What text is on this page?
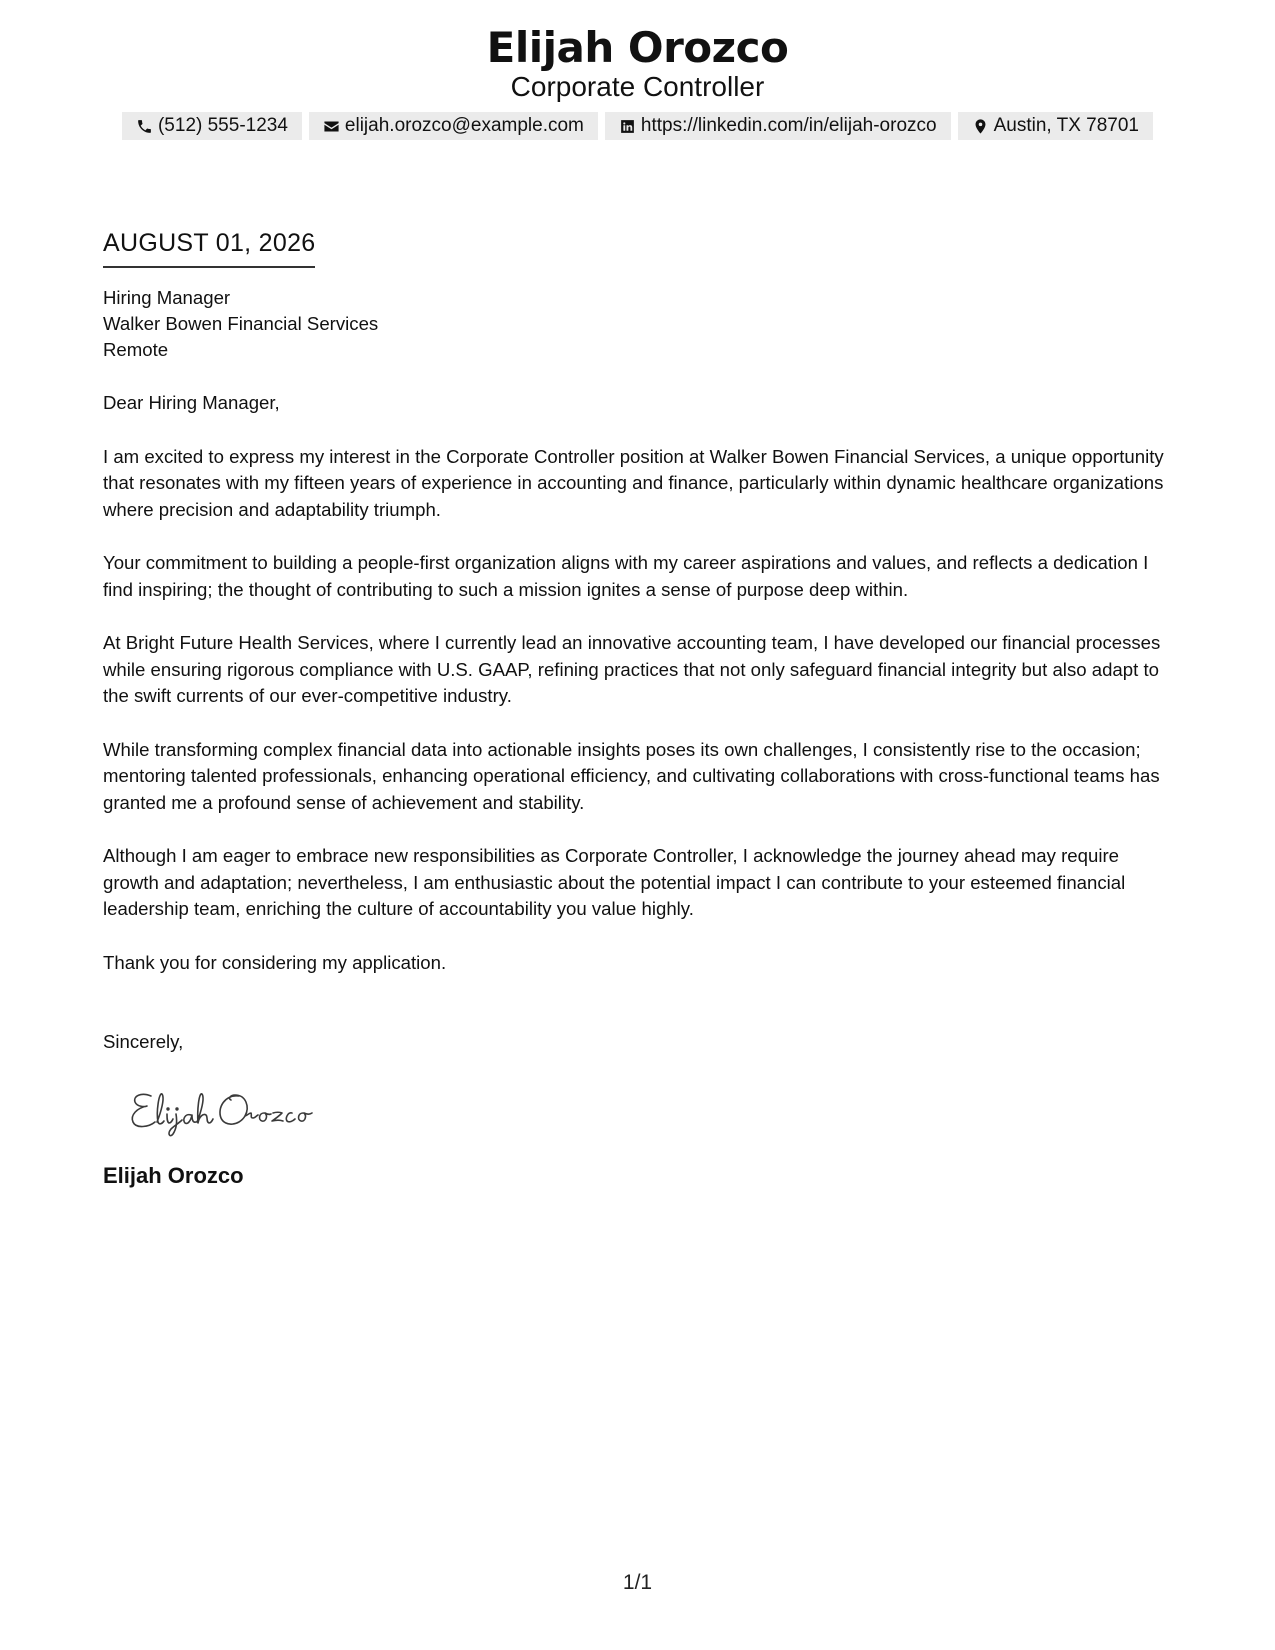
Elijah Orozco
Corporate Controller
(512) 555-1234	elijah.orozco@example.com	https://linkedin.com/in/elijah-orozco	Austin, TX 78701
AUGUST 01, 2026
Hiring Manager
Walker Bowen Financial Services
Remote
Dear Hiring Manager,
I am excited to express my interest in the Corporate Controller position at Walker Bowen Financial Services, a unique opportunity that resonates with my fifteen years of experience in accounting and finance, particularly within dynamic healthcare organizations where precision and adaptability triumph.
Your commitment to building a people-first organization aligns with my career aspirations and values, and reflects a dedication I find inspiring; the thought of contributing to such a mission ignites a sense of purpose deep within.
At Bright Future Health Services, where I currently lead an innovative accounting team, I have developed our financial processes while ensuring rigorous compliance with U.S. GAAP, refining practices that not only safeguard financial integrity but also adapt to the swift currents of our ever-competitive industry.
While transforming complex financial data into actionable insights poses its own challenges, I consistently rise to the occasion; mentoring talented professionals, enhancing operational efficiency, and cultivating collaborations with cross-functional teams has granted me a profound sense of achievement and stability.
Although I am eager to embrace new responsibilities as Corporate Controller, I acknowledge the journey ahead may require growth and adaptation; nevertheless, I am enthusiastic about the potential impact I can contribute to your esteemed financial leadership team, enriching the culture of accountability you value highly.
Thank you for considering my application.
Sincerely,
Elijah Orozco
1/1
